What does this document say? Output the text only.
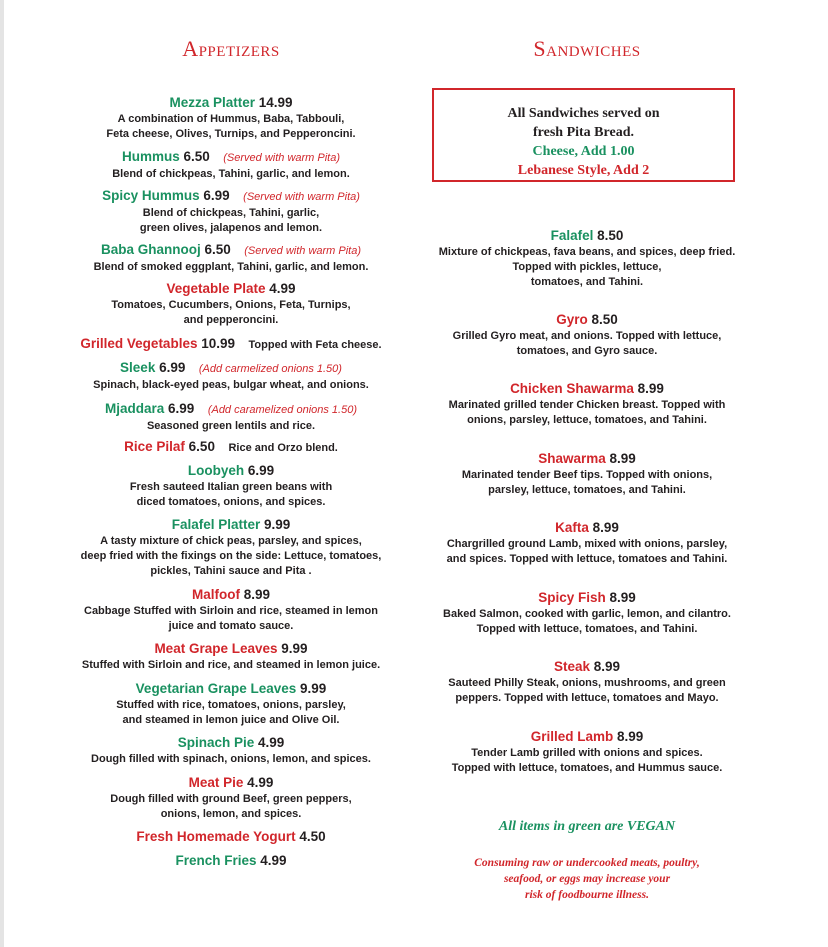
Appetizers
Mezza Platter 14.99
A combination of Hummus, Baba, Tabbouli,
Feta cheese, Olives, Turnips, and Pepperoncini.
Hummus 6.50  (Served with warm Pita)
Blend of chickpeas, Tahini, garlic, and lemon.
Spicy Hummus 6.99  (Served with warm Pita)
Blend of chickpeas, Tahini, garlic,
green olives, jalapenos and lemon.
Baba Ghannooj 6.50  (Served with warm Pita)
Blend of smoked eggplant, Tahini, garlic, and lemon.
Vegetable Plate 4.99
Tomatoes, Cucumbers, Onions, Feta, Turnips,
and pepperoncini.
Grilled Vegetables 10.99  Topped with Feta cheese.
Sleek 6.99  (Add carmelized onions 1.50)
Spinach, black-eyed peas, bulgar wheat, and onions.
Mjaddara 6.99  (Add caramelized onions 1.50)
Seasoned green lentils and rice.
Rice Pilaf 6.50  Rice and Orzo blend.
Loobyeh 6.99
Fresh sauteed Italian green beans with
diced tomatoes, onions, and spices.
Falafel Platter 9.99
A tasty mixture of chick peas, parsley, and spices,
deep fried with the fixings on the side: Lettuce, tomatoes,
pickles, Tahini sauce and Pita .
Malfoof 8.99
Cabbage Stuffed with Sirloin and rice, steamed in lemon
juice and tomato sauce.
Meat Grape Leaves 9.99
Stuffed with Sirloin and rice, and steamed in lemon juice.
Vegetarian Grape Leaves 9.99
Stuffed with rice, tomatoes, onions, parsley,
and steamed in lemon juice and Olive Oil.
Spinach Pie 4.99
Dough filled with spinach, onions, lemon, and spices.
Meat Pie 4.99
Dough filled with ground Beef, green peppers,
onions, lemon, and spices.
Fresh Homemade Yogurt 4.50
French Fries 4.99
Sandwiches
All Sandwiches served on
fresh Pita Bread.
Cheese, Add 1.00
Lebanese Style, Add 2
Falafel 8.50
Mixture of chickpeas, fava beans, and spices, deep fried.
Topped with pickles, lettuce,
tomatoes, and Tahini.
Gyro 8.50
Grilled Gyro meat, and onions. Topped with lettuce,
tomatoes, and Gyro sauce.
Chicken Shawarma 8.99
Marinated grilled tender Chicken breast. Topped with
onions, parsley, lettuce, tomatoes, and Tahini.
Shawarma 8.99
Marinated tender Beef tips. Topped with onions,
parsley, lettuce, tomatoes, and Tahini.
Kafta 8.99
Chargrilled ground Lamb, mixed with onions, parsley,
and spices. Topped with lettuce, tomatoes and Tahini.
Spicy Fish 8.99
Baked Salmon, cooked with garlic, lemon, and cilantro.
Topped with lettuce, tomatoes, and Tahini.
Steak 8.99
Sauteed Philly Steak, onions, mushrooms, and green
peppers. Topped with lettuce, tomatoes and Mayo.
Grilled Lamb 8.99
Tender Lamb grilled with onions and spices.
Topped with lettuce, tomatoes, and Hummus sauce.
All items in green are VEGAN
Consuming raw or undercooked meats, poultry,
seafood, or eggs may increase your
risk of foodbourne illness.
